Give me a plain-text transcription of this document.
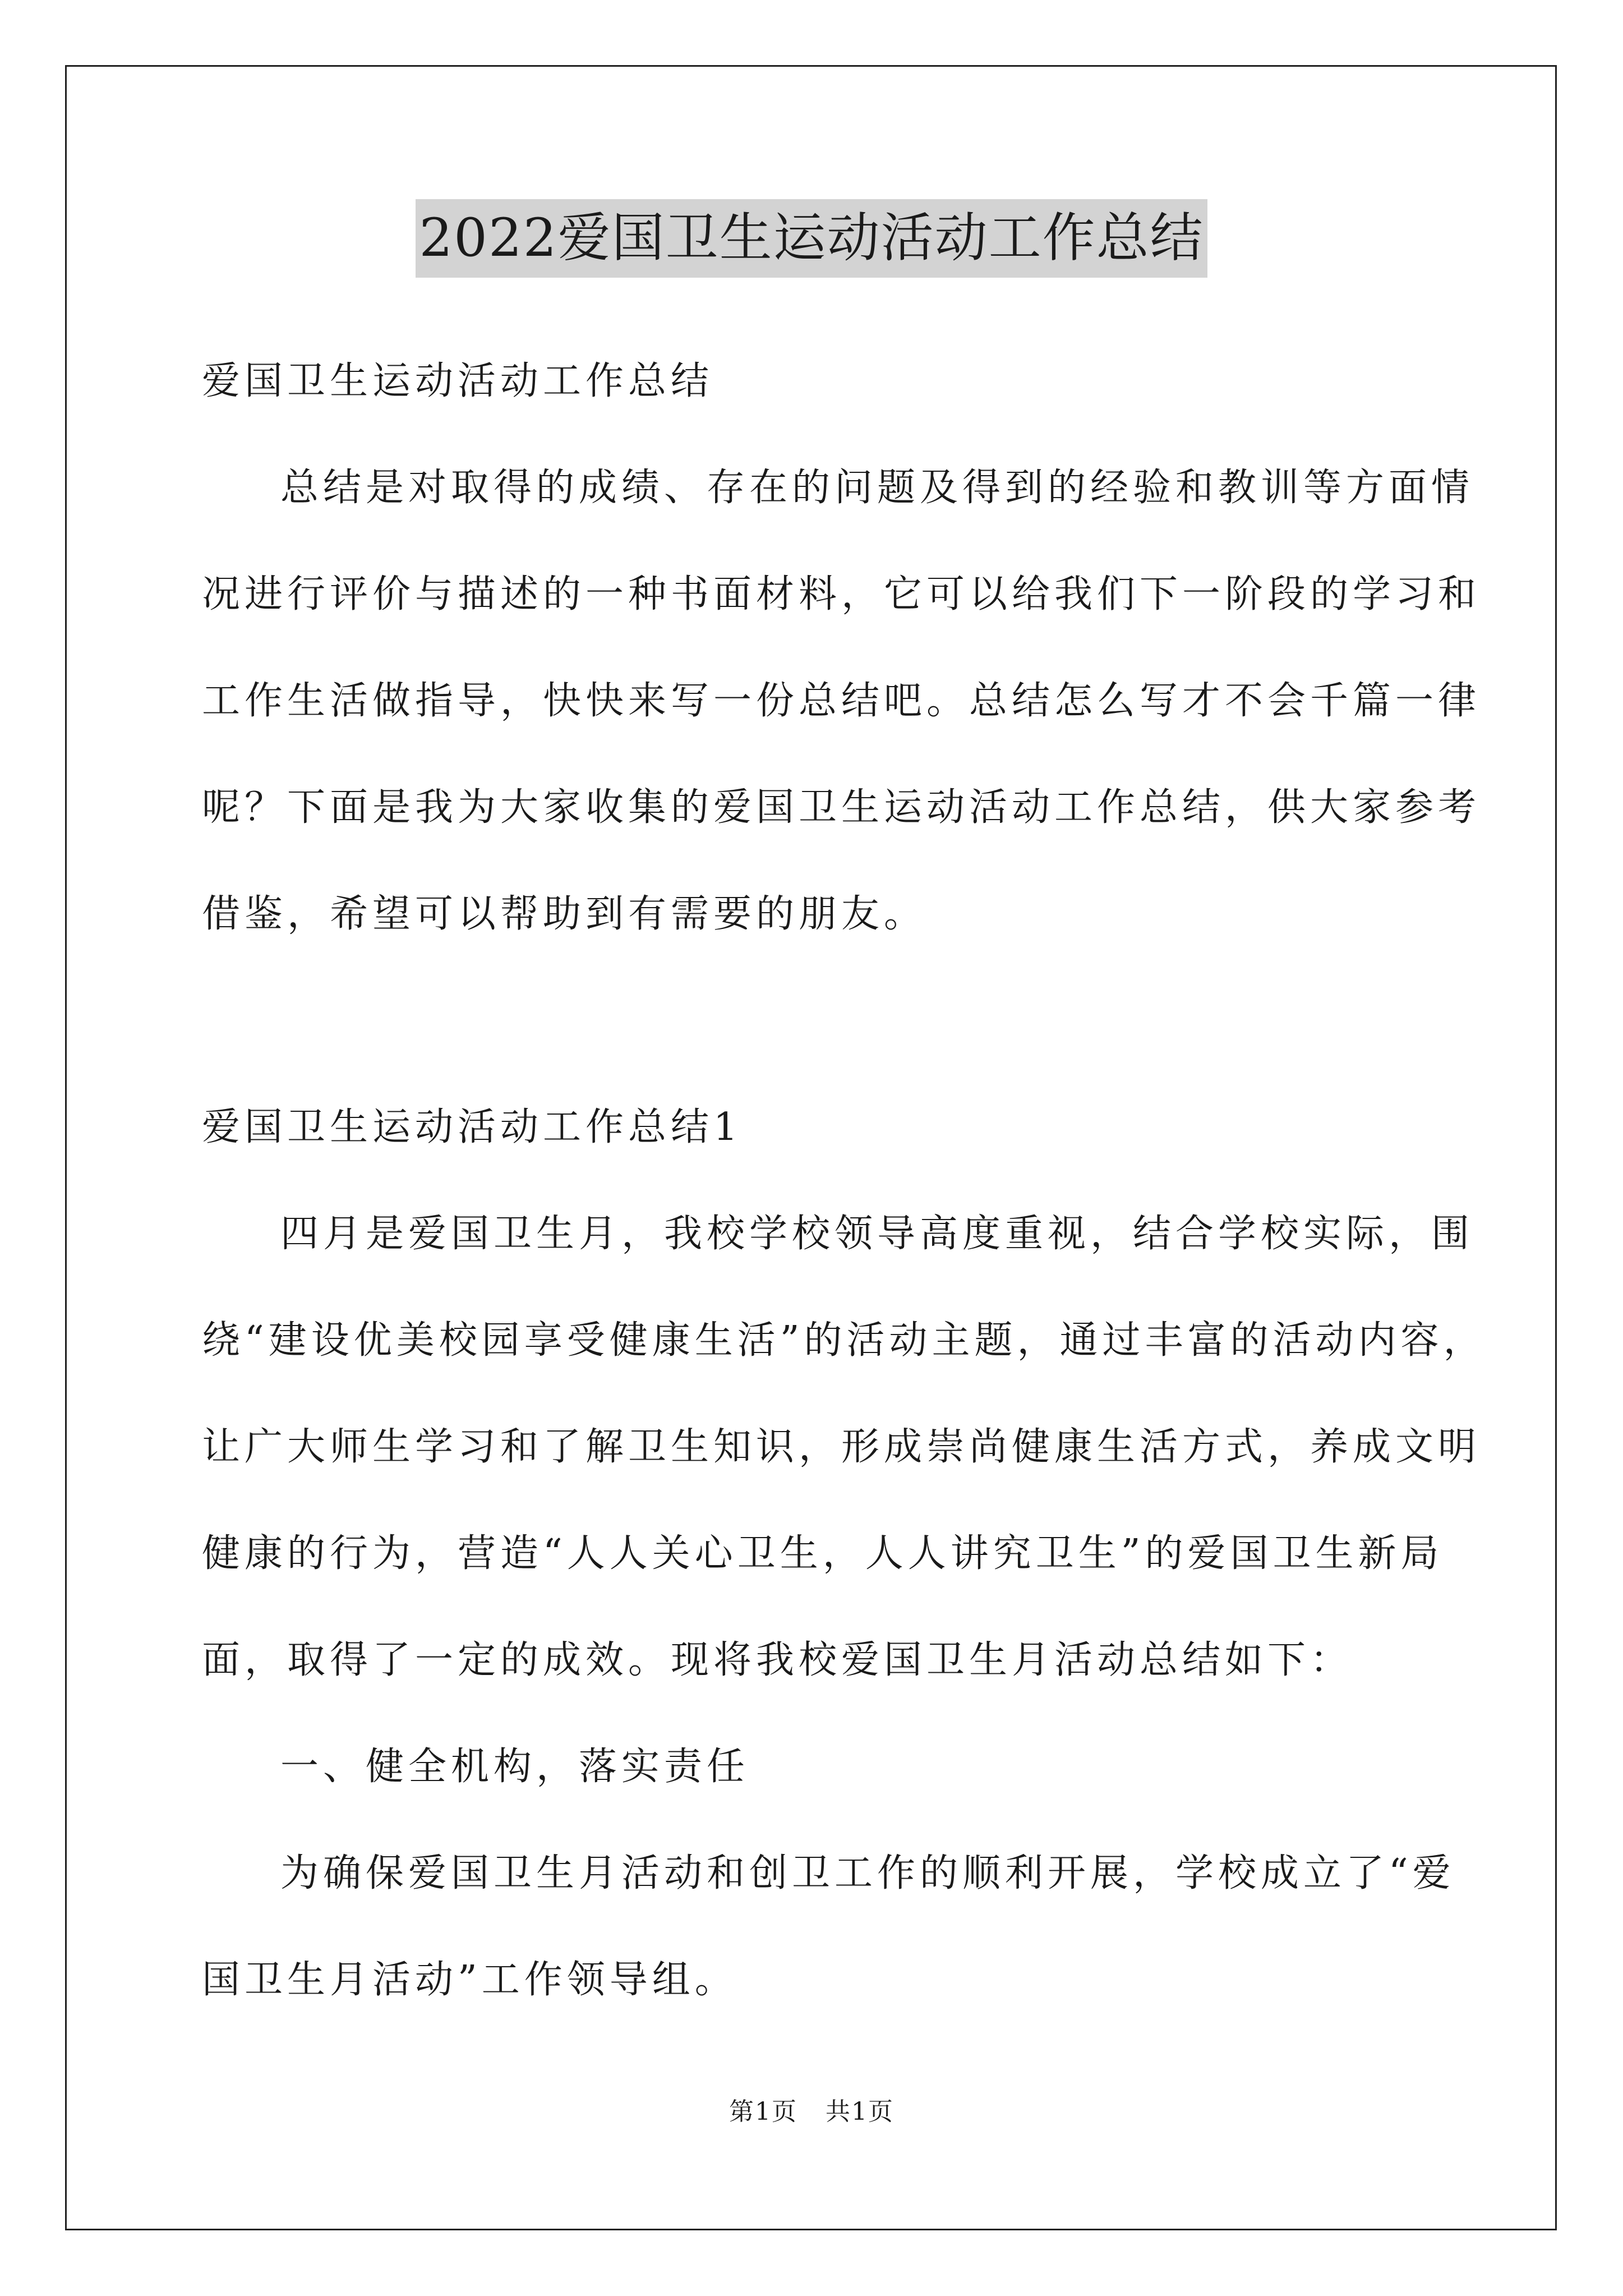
2022爱国卫生运动活动工作总结
爱国卫生运动活动工作总结
总结是对取得的成绩、存在的问题及得到的经验和教训等方面情
况进行评价与描述的一种书面材料，它可以给我们下一阶段的学习和
工作生活做指导，快快来写一份总结吧。总结怎么写才不会千篇一律
呢？下面是我为大家收集的爱国卫生运动活动工作总结，供大家参考
借鉴，希望可以帮助到有需要的朋友。
爱国卫生运动活动工作总结1
四月是爱国卫生月，我校学校领导高度重视，结合学校实际，围
绕“建设优美校园享受健康生活”的活动主题，通过丰富的活动内容，
让广大师生学习和了解卫生知识，形成崇尚健康生活方式，养成文明
健康的行为，营造“人人关心卫生，人人讲究卫生”的爱国卫生新局
面，取得了一定的成效。现将我校爱国卫生月活动总结如下：
一、健全机构，落实责任
为确保爱国卫生月活动和创卫工作的顺利开展，学校成立了“爱
国卫生月活动”工作领导组。
第1页 共1页
